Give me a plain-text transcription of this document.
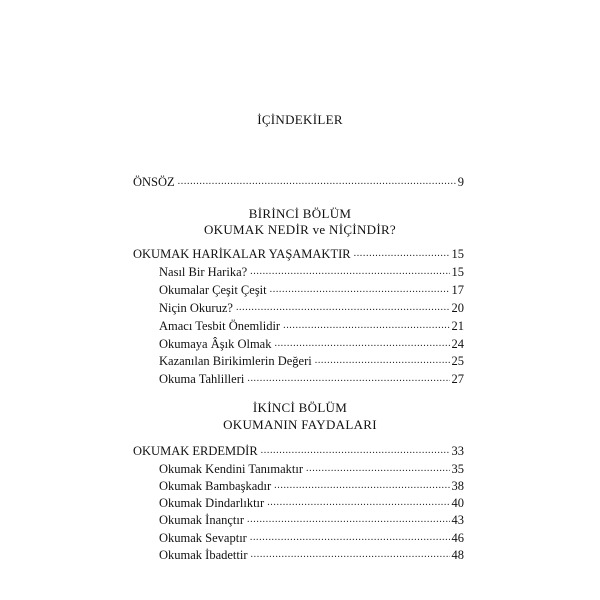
İÇİNDEKİLER
ÖNSÖZ .....	9
BİRİNCİ BÖLÜM
OKUMAK NEDİR ve NİÇİNDİR?
OKUMAK HARİKALAR YAŞAMAKTIR .....	15
Nasıl Bir Harika? .....	15
Okumalar Çeşit Çeşit .....	17
Niçin Okuruz? .....	20
Amacı Tesbit Önemlidir .....	21
Okumaya Âşık Olmak .....	24
Kazanılan Birikimlerin Değeri .....	25
Okuma Tahlilleri .....	27
İKİNCİ BÖLÜM
OKUMANIN FAYDALARI
OKUMAK ERDEMDİR .....	33
Okumak Kendini Tanımaktır .....	35
Okumak Bambaşkadır .....	38
Okumak Dindarlıktır .....	40
Okumak İnançtır .....	43
Okumak Sevaptır .....	46
Okumak İbadettir .....	48
